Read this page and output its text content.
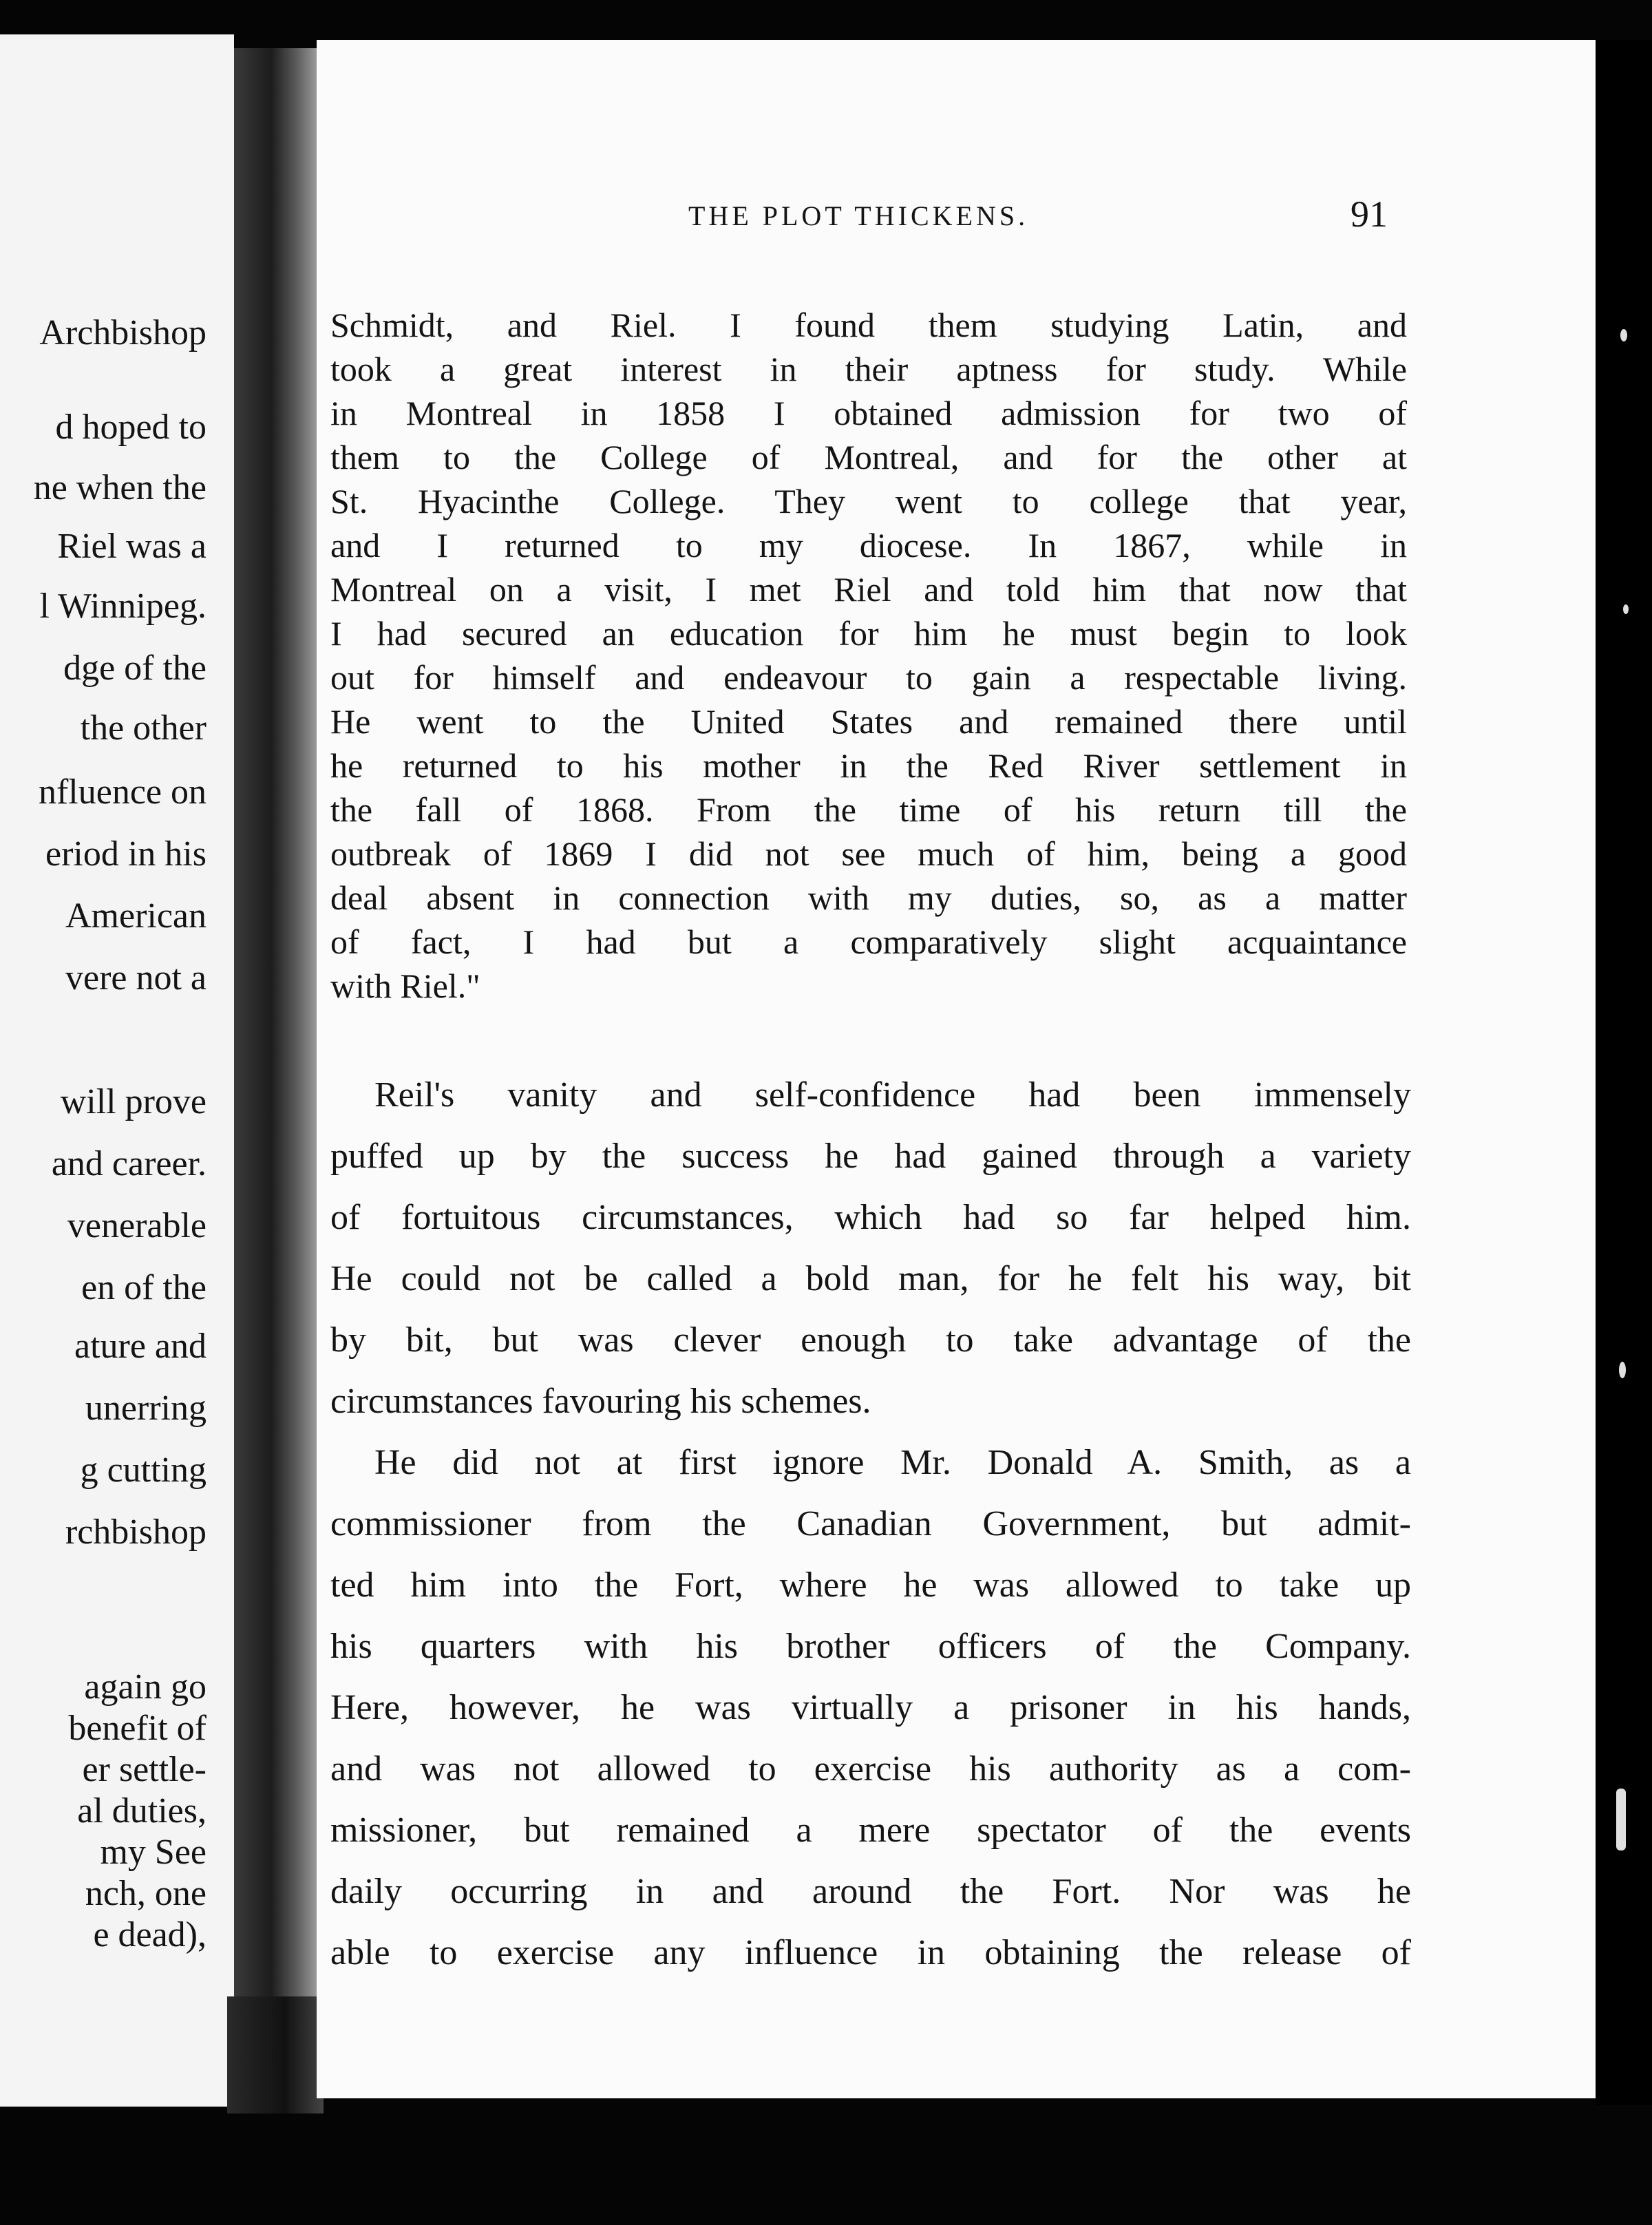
Archbishop
d hoped to
ne when the
Riel was a
l Winnipeg.
dge of the
the other
nfluence on
eriod in his
American
vere not a
will prove
and career.
venerable
en of the
ature and
unerring
g cutting
rchbishop
again go
benefit of
er settle-
al duties,
my See
nch, one
e dead),
THE PLOT THICKENS.	91
Schmidt, and Riel. I found them studying Latin, and
took a great interest in their aptness for study. While
in Montreal in 1858 I obtained admission for two of
them to the College of Montreal, and for the other at
St. Hyacinthe College. They went to college that year,
and I returned to my diocese. In 1867, while in
Montreal on a visit, I met Riel and told him that now that
I had secured an education for him he must begin to look
out for himself and endeavour to gain a respectable living.
He went to the United States and remained there until
he returned to his mother in the Red River settlement in
the fall of 1868. From the time of his return till the
outbreak of 1869 I did not see much of him, being a good
deal absent in connection with my duties, so, as a matter
of fact, I had but a comparatively slight acquaintance
with Riel."
Reil's vanity and self-confidence had been immensely
puffed up by the success he had gained through a variety
of fortuitous circumstances, which had so far helped him.
He could not be called a bold man, for he felt his way, bit
by bit, but was clever enough to take advantage of the
circumstances favouring his schemes.
He did not at first ignore Mr. Donald A. Smith, as a
commissioner from the Canadian Government, but admit-
ted him into the Fort, where he was allowed to take up
his quarters with his brother officers of the Company.
Here, however, he was virtually a prisoner in his hands,
and was not allowed to exercise his authority as a com-
missioner, but remained a mere spectator of the events
daily occurring in and around the Fort. Nor was he
able to exercise any influence in obtaining the release of
